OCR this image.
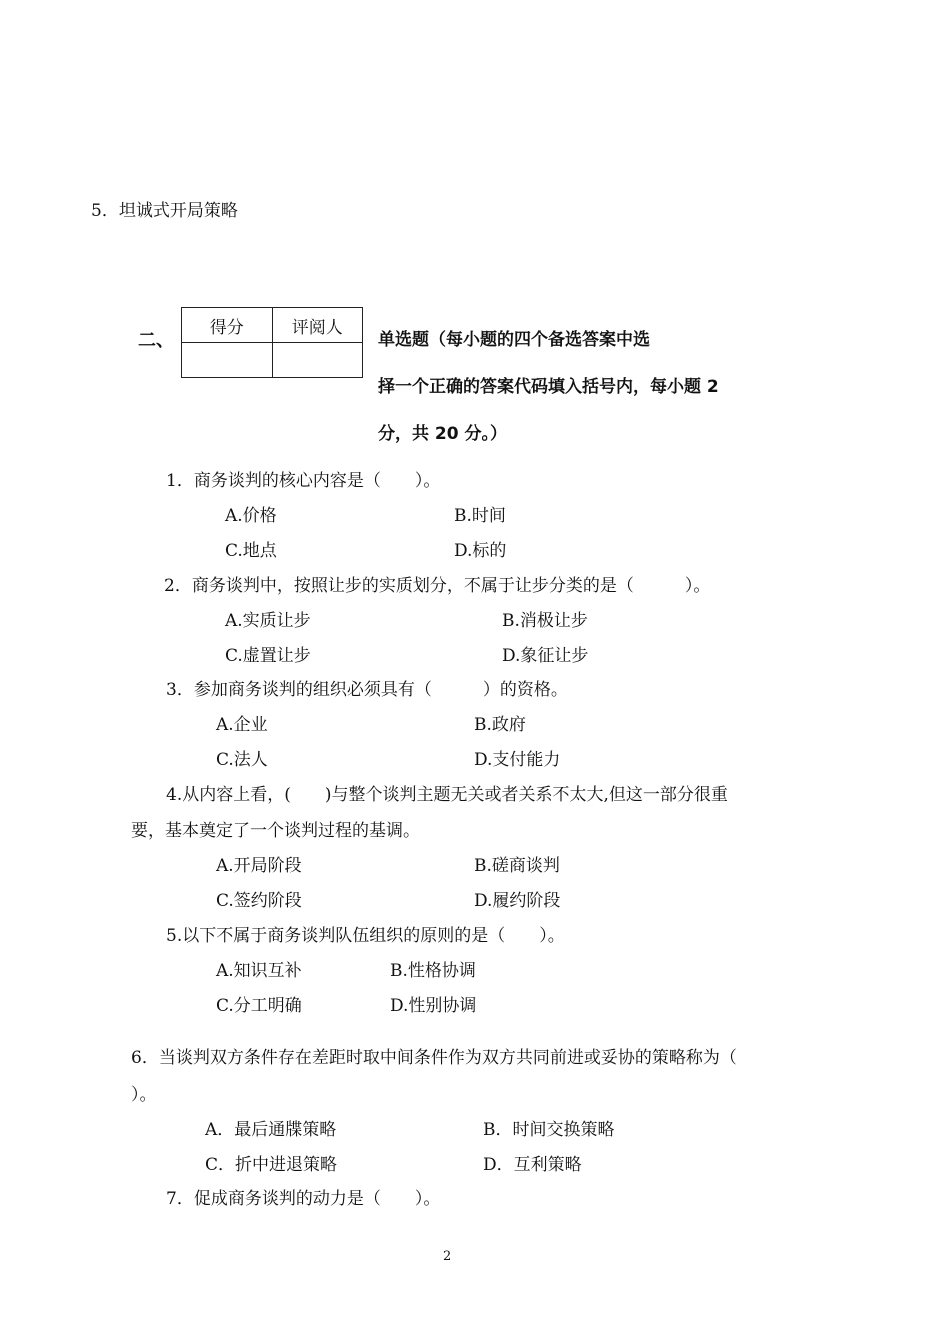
5．坦诚式开局策略
二、
得分	评阅人

单选题（每小题的四个备选答案中选
择一个正确的答案代码填入括号内，每小题 2
分，共 20 分。）
1．商务谈判的核心内容是（　　）。
A.价格	B.时间
C.地点	D.标的
2．商务谈判中，按照让步的实质划分，不属于让步分类的是（　　　）。
A.实质让步	B.消极让步
C.虚置让步	D.象征让步
3．参加商务谈判的组织必须具有（　　　）的资格。
A.企业	B.政府
C.法人	D.支付能力
4.从内容上看，(　　)与整个谈判主题无关或者关系不太大,但这一部分很重
要，基本奠定了一个谈判过程的基调。
A.开局阶段	B.磋商谈判
C.签约阶段	D.履约阶段
5.以下不属于商务谈判队伍组织的原则的是（　　）。
A.知识互补	B.性格协调
C.分工明确	D.性别协调
6．当谈判双方条件存在差距时取中间条件作为双方共同前进或妥协的策略称为（
）。
A．最后通牒策略	B．时间交换策略
C．折中进退策略	D．互利策略
7．促成商务谈判的动力是（　　）。
2
